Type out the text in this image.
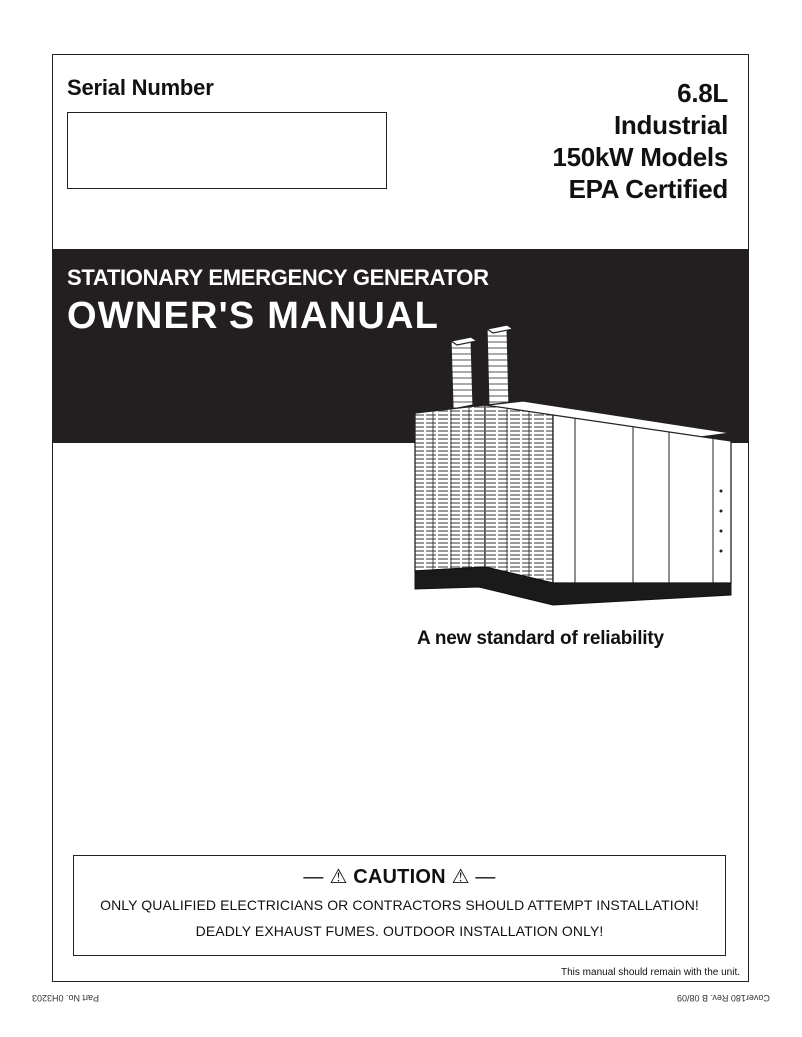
Serial Number	6.8L
Industrial
150kW Models
EPA Certified
STATIONARY EMERGENCY GENERATOR
OWNER'S MANUAL
A new standard of reliability
— ⚠ CAUTION ⚠ —
ONLY QUALIFIED ELECTRICIANS OR CONTRACTORS SHOULD ATTEMPT INSTALLATION!
DEADLY EXHAUST FUMES. OUTDOOR INSTALLATION ONLY!
This manual should remain with the unit.
Part No. 0H3203	Cover180 Rev. B 08/09
